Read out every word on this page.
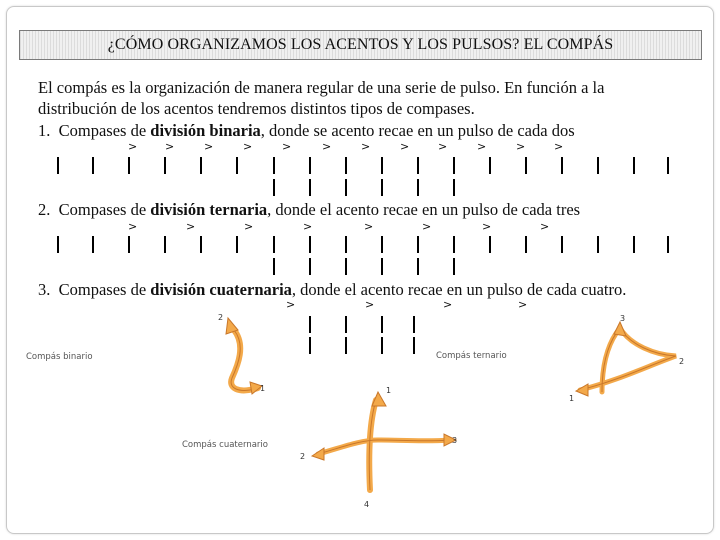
¿CÓMO ORGANIZAMOS LOS ACENTOS Y LOS PULSOS? EL COMPÁS
El compás es la organización de manera regular de una serie de pulso. En función a la
distribución de los acentos tendremos distintos tipos de compases.
1. Compases de división binaria, donde se acento recae en un pulso de cada dos
2. Compases de división ternaria, donde el acento recae en un pulso de cada tres
3. Compases de división cuaternaria, donde el acento recae en un pulso de cada cuatro.
>	>	>	>	>	>	>	>	>	>	>	>
>	>	>	>	>	>	>	>
>	>	>	>
Compás binario
1
2
Compás ternario
1
2
3
Compás cuaternario
1
2
3
4
